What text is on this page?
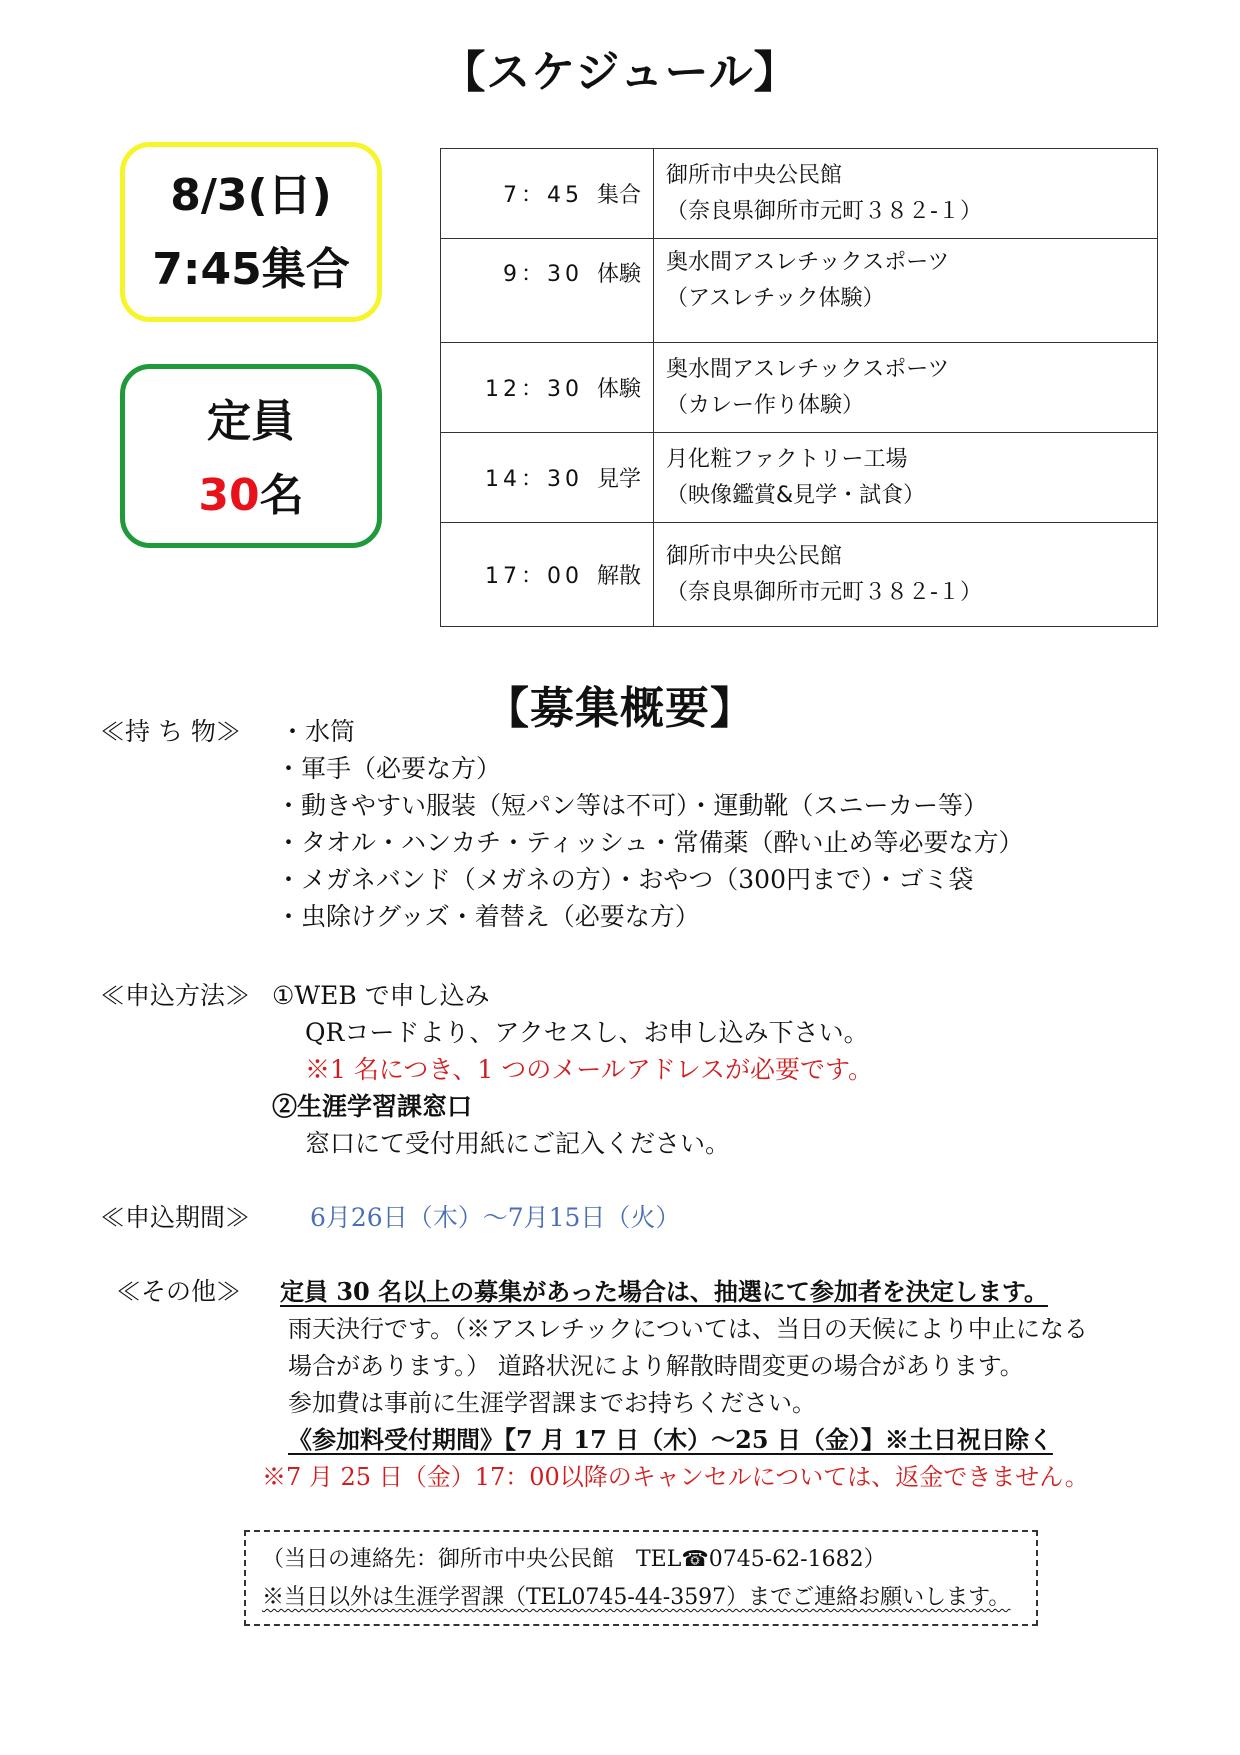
【スケジュール】
8/3(日)
7:45集合
定員
30名
7：45 集合	御所市中央公民館
（奈良県御所市元町３８２-１）

9：30 体験	奥水間アスレチックスポーツ
（アスレチック体験）

12：30 体験	奥水間アスレチックスポーツ
（カレー作り体験）

14：30 見学	月化粧ファクトリー工場
（映像鑑賞&見学・試食）

17：00 解散	御所市中央公民館
（奈良県御所市元町３８２-１）
【募集概要】
≪持 ち 物≫ ・水筒
・軍手（必要な方）
・動きやすい服装（短パン等は不可）・運動靴（スニーカー等）
・タオル・ハンカチ・ティッシュ・常備薬（酔い止め等必要な方）
・メガネバンド（メガネの方）・おやつ（300円まで）・ゴミ袋
・虫除けグッズ・着替え（必要な方）
≪申込方法≫ ①WEB で申し込み
QRコードより、アクセスし、お申し込み下さい。
※1 名につき、1 つのメールアドレスが必要です。
②生涯学習課窓口
窓口にて受付用紙にご記入ください。
≪申込期間≫ 6月26日（木）～7月15日（火）
≪その他≫ 定員 30 名以上の募集があった場合は、抽選にて参加者を決定します。
雨天決行です。（※アスレチックについては、当日の天候により中止になる
場合があります。） 道路状況により解散時間変更の場合があります。
参加費は事前に生涯学習課までお持ちください。
《参加料受付期間》【7 月 17 日（木）～25 日（金）】※土日祝日除く
※7 月 25 日（金）17：00以降のキャンセルについては、返金できません。
（当日の連絡先：御所市中央公民館　TEL☎0745-62-1682）
※当日以外は生涯学習課（TEL0745-44-3597）までご連絡お願いします。
